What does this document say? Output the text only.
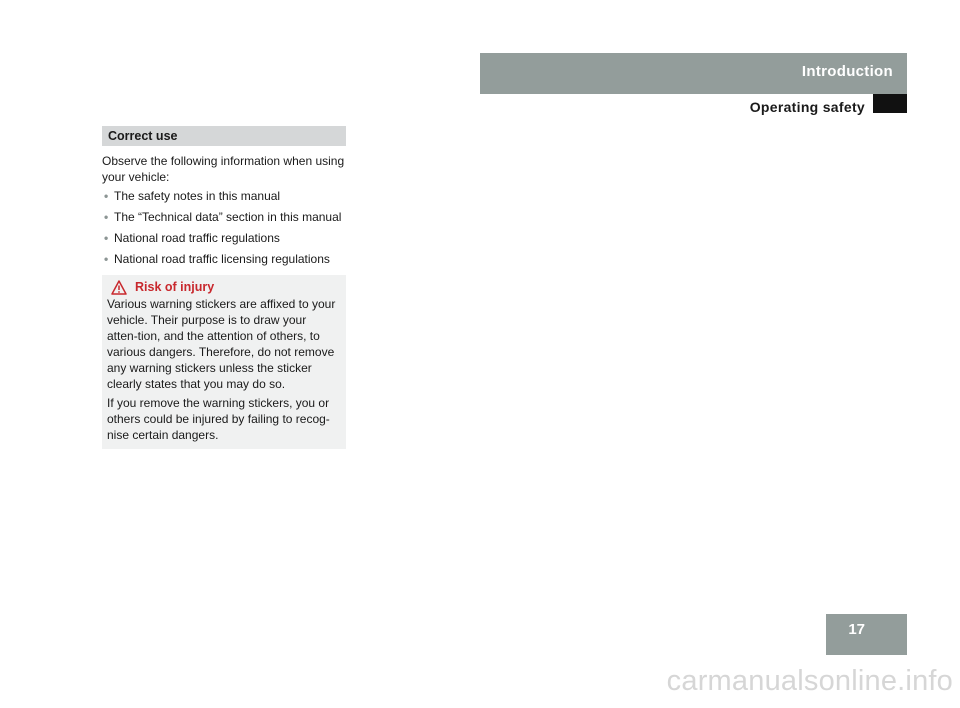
Introduction

Operating safety

Correct use
Observe the following information when using your vehicle:
• The safety notes in this manual
• The “Technical data” section in this manual
• National road traffic regulations
• National road traffic licensing regulations
Risk of injury

Various warning stickers are affixed to your vehicle. Their purpose is to draw your atten-tion, and the attention of others, to various dangers. Therefore, do not remove any warning stickers unless the sticker clearly states that you may do so.

If you remove the warning stickers, you or others could be injured by failing to recog-nise certain dangers.

17

carmanualsonline.info
